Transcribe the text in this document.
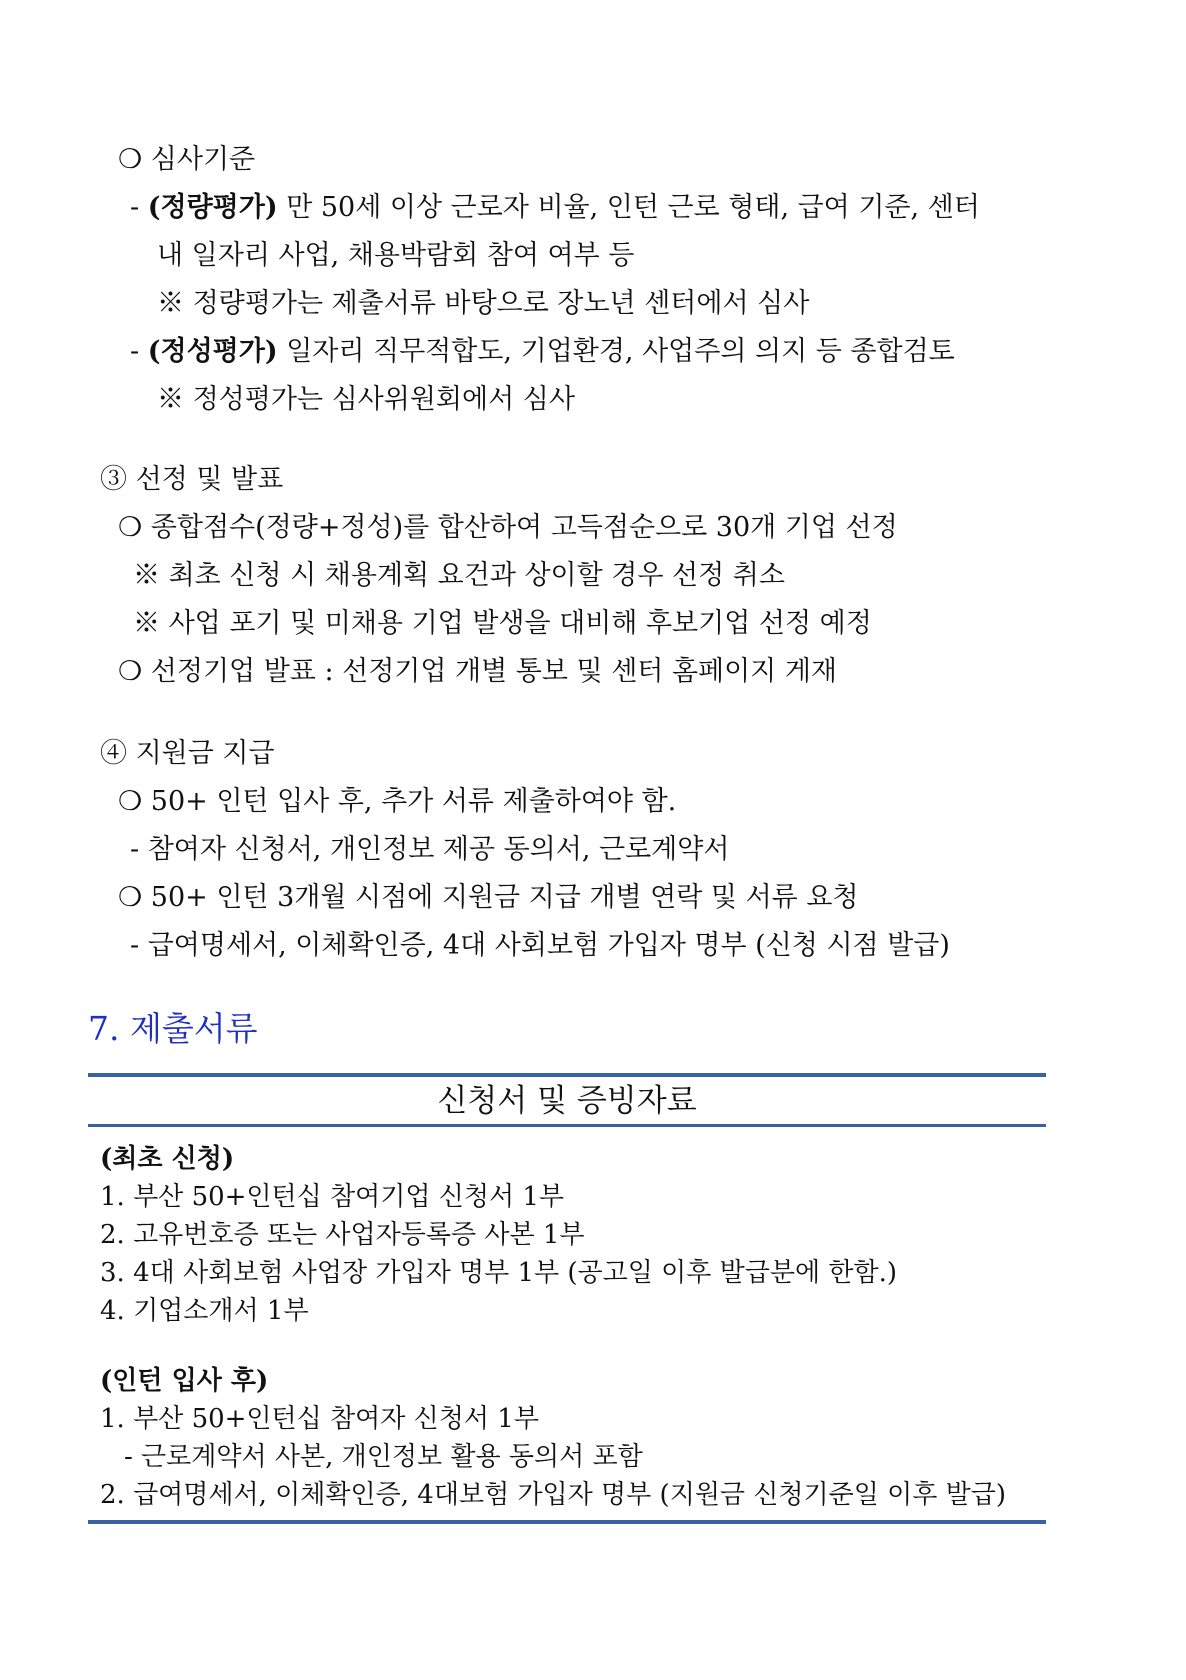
❍ 심사기준
- (정량평가) 만 50세 이상 근로자 비율, 인턴 근로 형태, 급여 기준, 센터
내 일자리 사업, 채용박람회 참여 여부 등
※ 정량평가는 제출서류 바탕으로 장노년 센터에서 심사
- (정성평가) 일자리 직무적합도, 기업환경, 사업주의 의지 등 종합검토
※ 정성평가는 심사위원회에서 심사
③ 선정 및 발표
❍ 종합점수(정량+정성)를 합산하여 고득점순으로 30개 기업 선정
※ 최초 신청 시 채용계획 요건과 상이할 경우 선정 취소
※ 사업 포기 및 미채용 기업 발생을 대비해 후보기업 선정 예정
❍ 선정기업 발표 : 선정기업 개별 통보 및 센터 홈페이지 게재
④ 지원금 지급
❍ 50+ 인턴 입사 후, 추가 서류 제출하여야 함.
- 참여자 신청서, 개인정보 제공 동의서, 근로계약서
❍ 50+ 인턴 3개월 시점에 지원금 지급 개별 연락 및 서류 요청
- 급여명세서, 이체확인증, 4대 사회보험 가입자 명부 (신청 시점 발급)
7. 제출서류
신청서 및 증빙자료
(최초 신청)
1. 부산 50+인턴십 참여기업 신청서 1부
2. 고유번호증 또는 사업자등록증 사본 1부
3. 4대 사회보험 사업장 가입자 명부 1부 (공고일 이후 발급분에 한함.)
4. 기업소개서 1부
(인턴 입사 후)
1. 부산 50+인턴십 참여자 신청서 1부
- 근로계약서 사본, 개인정보 활용 동의서 포함
2. 급여명세서, 이체확인증, 4대보험 가입자 명부 (지원금 신청기준일 이후 발급)
